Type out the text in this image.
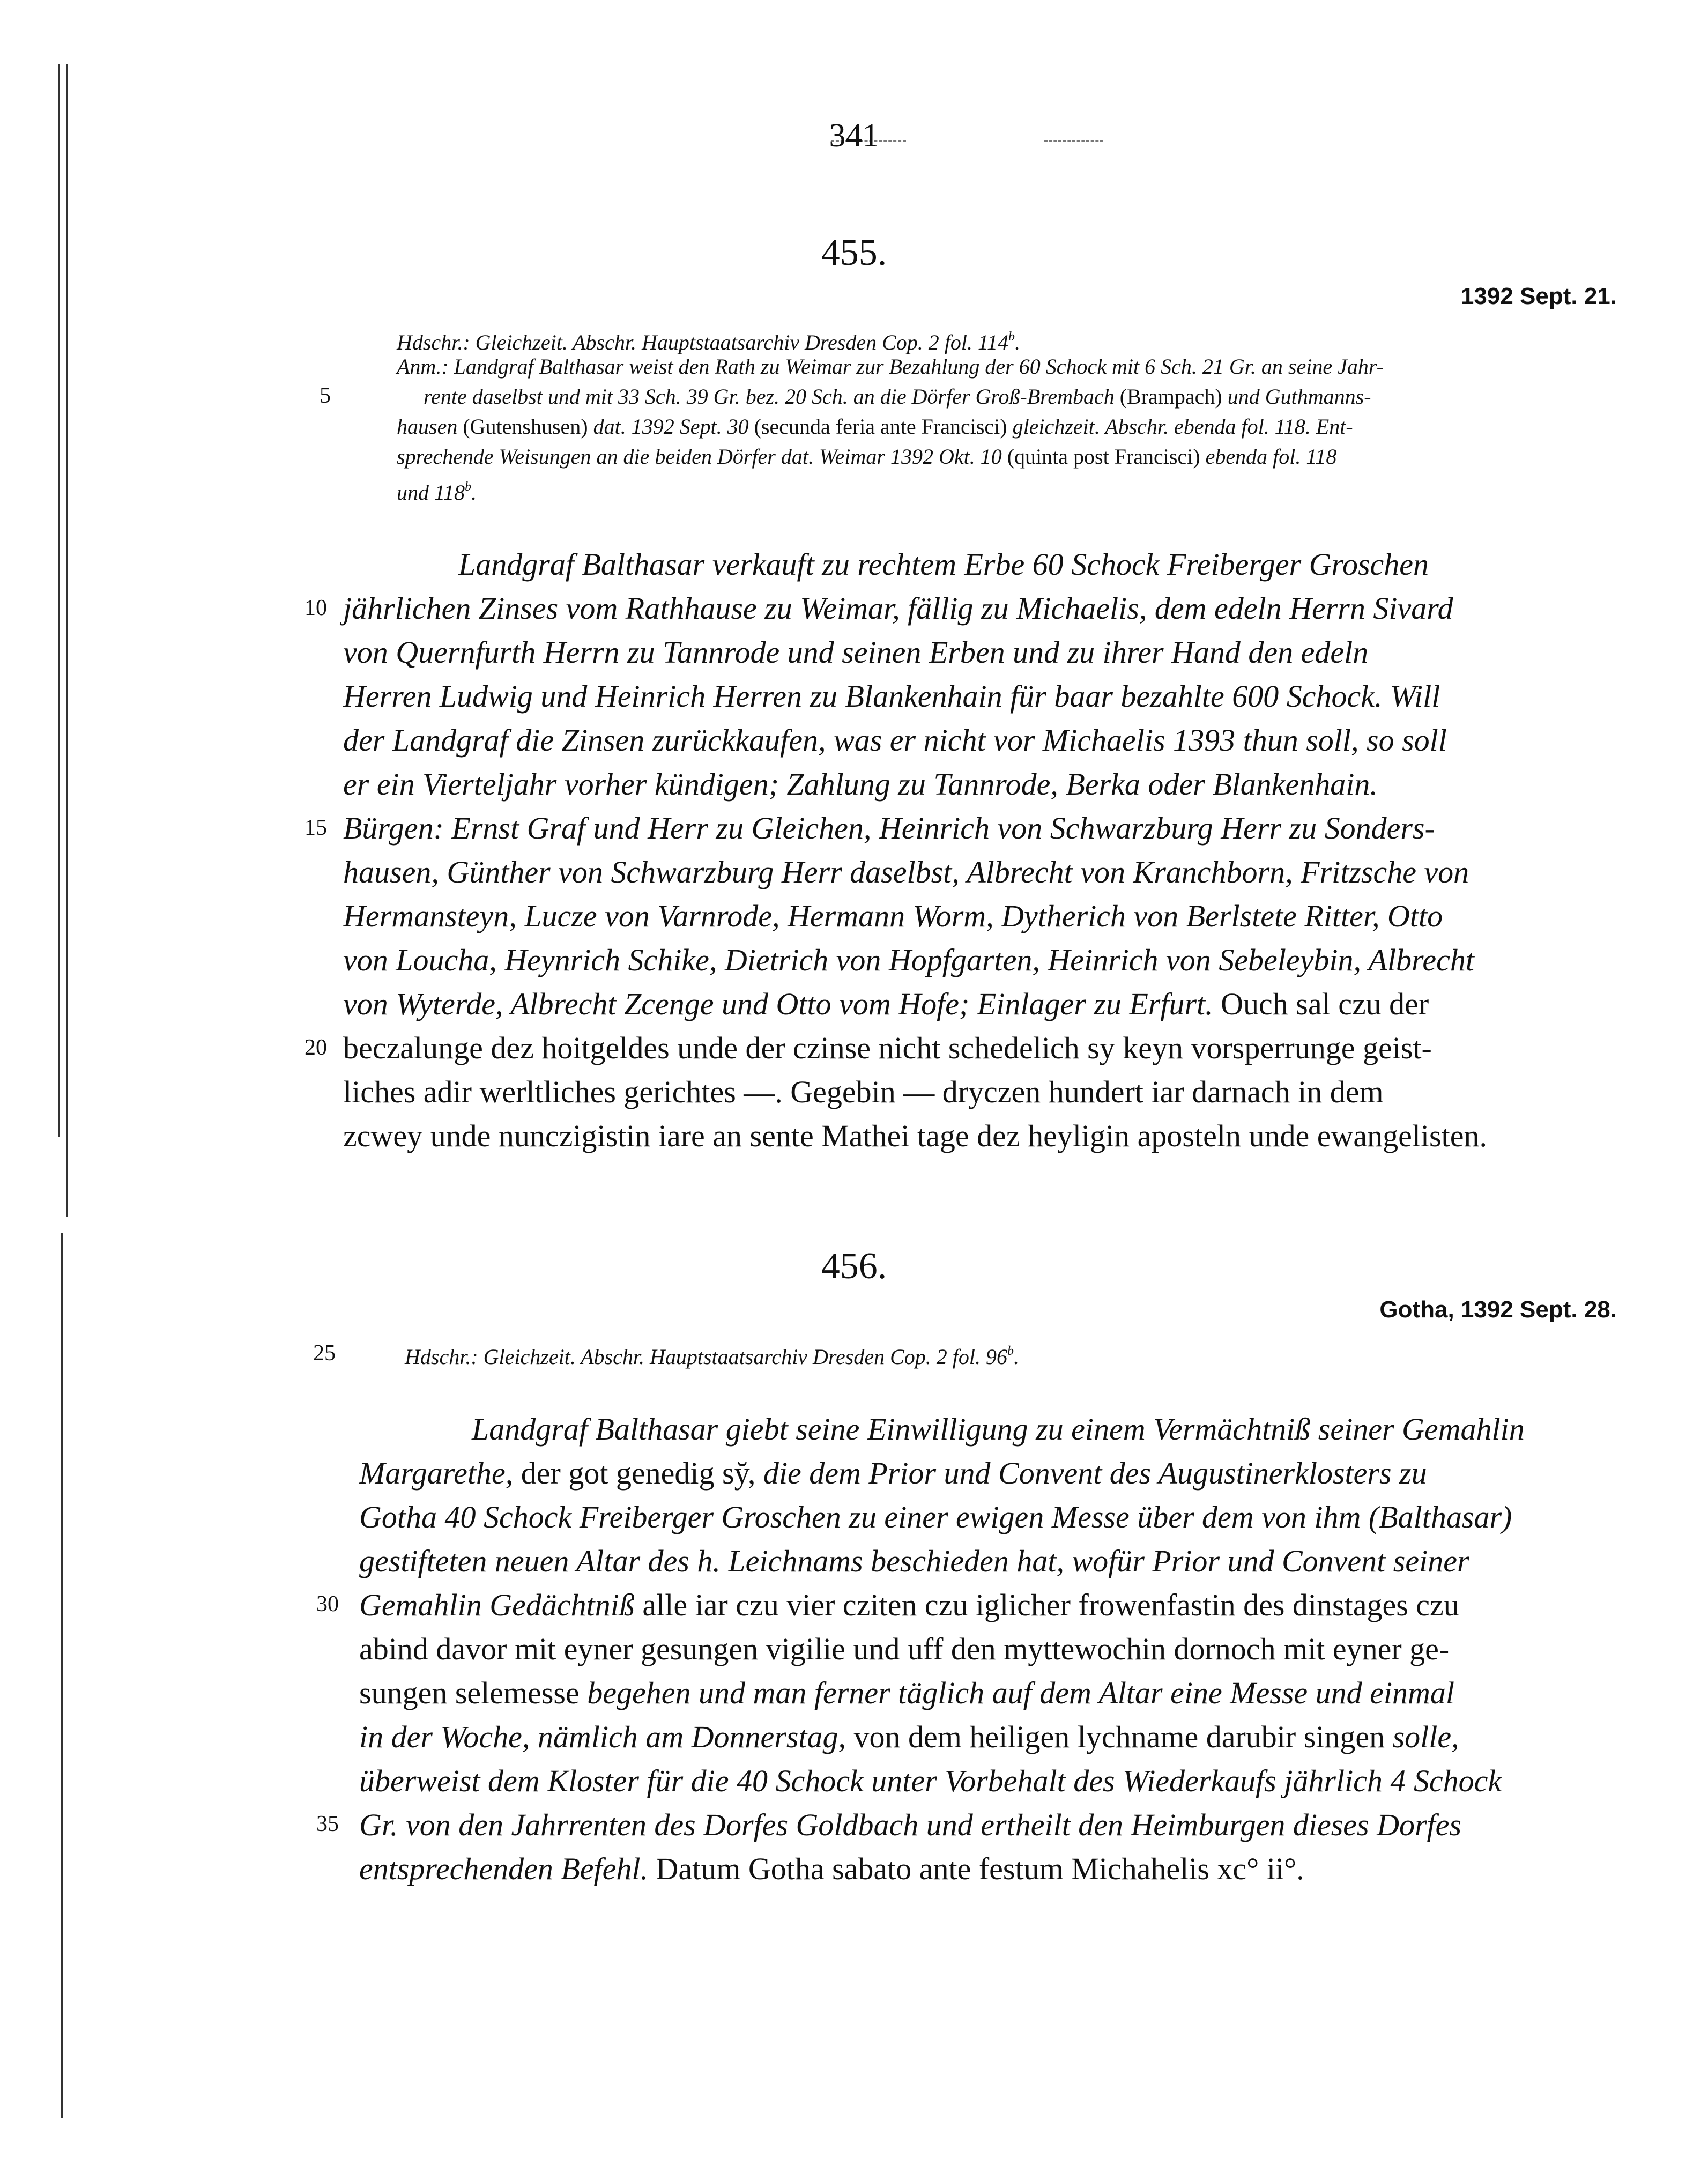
341
455.
1392 Sept. 21.
Hdschr.: Gleichzeit. Abschr. Hauptstaatsarchiv Dresden Cop. 2 fol. 114$^b$.
Anm.: Landgraf Balthasar weist den Rath zu Weimar zur Bezahlung der 60 Schock mit 6 Sch. 21 Gr. an seine Jahr-
rente daselbst und mit 33 Sch. 39 Gr. bez. 20 Sch. an die Dörfer Groß-Brembach (Brampach) und Guthmanns-
hausen (Gutenshusen) dat. 1392 Sept. 30 (secunda feria ante Francisci) gleichzeit. Abschr. ebenda fol. 118. Ent-
sprechende Weisungen an die beiden Dörfer dat. Weimar 1392 Okt. 10 (quinta post Francisci) ebenda fol. 118
und 118$^b$.
Landgraf Balthasar verkauft zu rechtem Erbe 60 Schock Freiberger Groschen
jährlichen Zinses vom Rathhause zu Weimar, fällig zu Michaelis, dem edeln Herrn Sivard
von Quernfurth Herrn zu Tannrode und seinen Erben und zu ihrer Hand den edeln
Herren Ludwig und Heinrich Herren zu Blankenhain für baar bezahlte 600 Schock. Will
der Landgraf die Zinsen zurückkaufen, was er nicht vor Michaelis 1393 thun soll, so soll
er ein Vierteljahr vorher kündigen; Zahlung zu Tannrode, Berka oder Blankenhain.
Bürgen: Ernst Graf und Herr zu Gleichen, Heinrich von Schwarzburg Herr zu Sonders-
hausen, Günther von Schwarzburg Herr daselbst, Albrecht von Kranchborn, Fritzsche von
Hermansteyn, Lucze von Varnrode, Hermann Worm, Dytherich von Berlstete Ritter, Otto
von Loucha, Heynrich Schike, Dietrich von Hopfgarten, Heinrich von Sebeleybin, Albrecht
von Wyterde, Albrecht Zcenge und Otto vom Hofe; Einlager zu Erfurt. Ouch sal czu der
beczalunge dez hoitgeldes unde der czinse nicht schedelich sy keyn vorsperrunge geist-
liches adir werltliches gerichtes —. Gegebin — dryczen hundert iar darnach in dem
zcwey unde nunczigistin iare an sente Mathei tage dez heyligin aposteln unde ewangelisten.
456.
Gotha, 1392 Sept. 28.
Hdschr.: Gleichzeit. Abschr. Hauptstaatsarchiv Dresden Cop. 2 fol. 96$^b$.
Landgraf Balthasar giebt seine Einwilligung zu einem Vermächtniß seiner Gemahlin
Margarethe, der got genedig sy̆, die dem Prior und Convent des Augustinerklosters zu
Gotha 40 Schock Freiberger Groschen zu einer ewigen Messe über dem von ihm (Balthasar)
gestifteten neuen Altar des h. Leichnams beschieden hat, wofür Prior und Convent seiner
Gemahlin Gedächtniß alle iar czu vier cziten czu iglicher frowenfastin des dinstages czu
abind davor mit eyner gesungen vigilie und uff den myttewochin dornoch mit eyner ge-
sungen selemesse begehen und man ferner täglich auf dem Altar eine Messe und einmal
in der Woche, nämlich am Donnerstag, von dem heiligen lychname darubir singen solle,
überweist dem Kloster für die 40 Schock unter Vorbehalt des Wiederkaufs jährlich 4 Schock
Gr. von den Jahrrenten des Dorfes Goldbach und ertheilt den Heimburgen dieses Dorfes
entsprechenden Befehl. Datum Gotha sabato ante festum Michahelis xc° ii°.
5
10
15
20
25
30
35
